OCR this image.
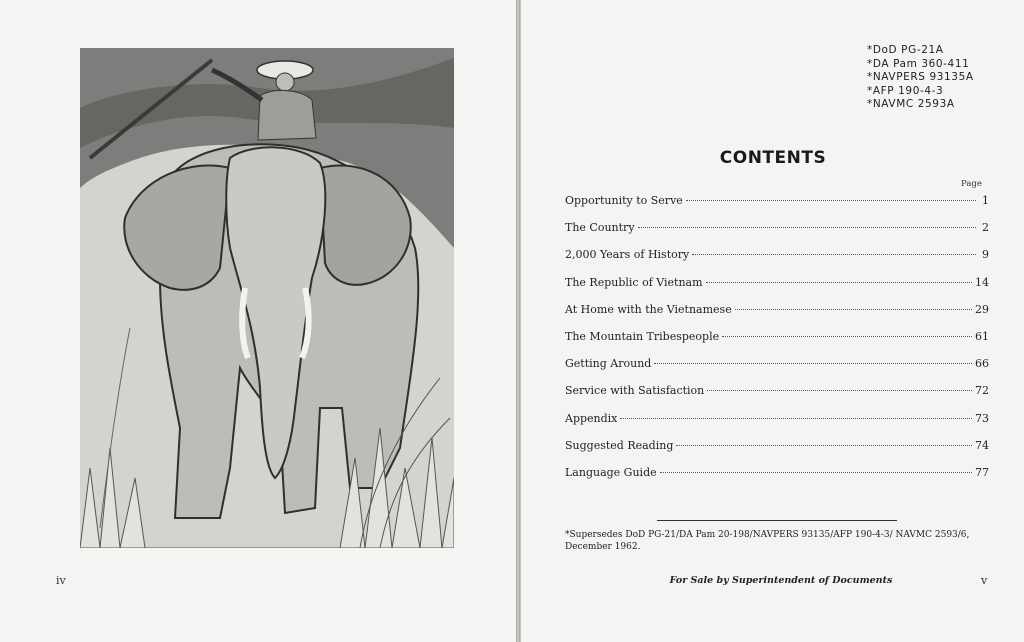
iv
*DoD PG-21A
*DA Pam 360-411
*NAVPERS 93135A
*AFP 190-4-3
*NAVMC 2593A
CONTENTS
Page
Opportunity to Serve	1
The Country	2
2,000 Years of History	9
The Republic of Vietnam	14
At Home with the Vietnamese	29
The Mountain Tribespeople	61
Getting Around	66
Service with Satisfaction	72
Appendix	73
Suggested Reading	74
Language Guide	77

*Supersedes DoD PG-21/DA Pam 20-198/NAVPERS 93135/AFP 190-4-3/ NAVMC 2593/6, December 1962.

For Sale by Superintendent of Documents	v
